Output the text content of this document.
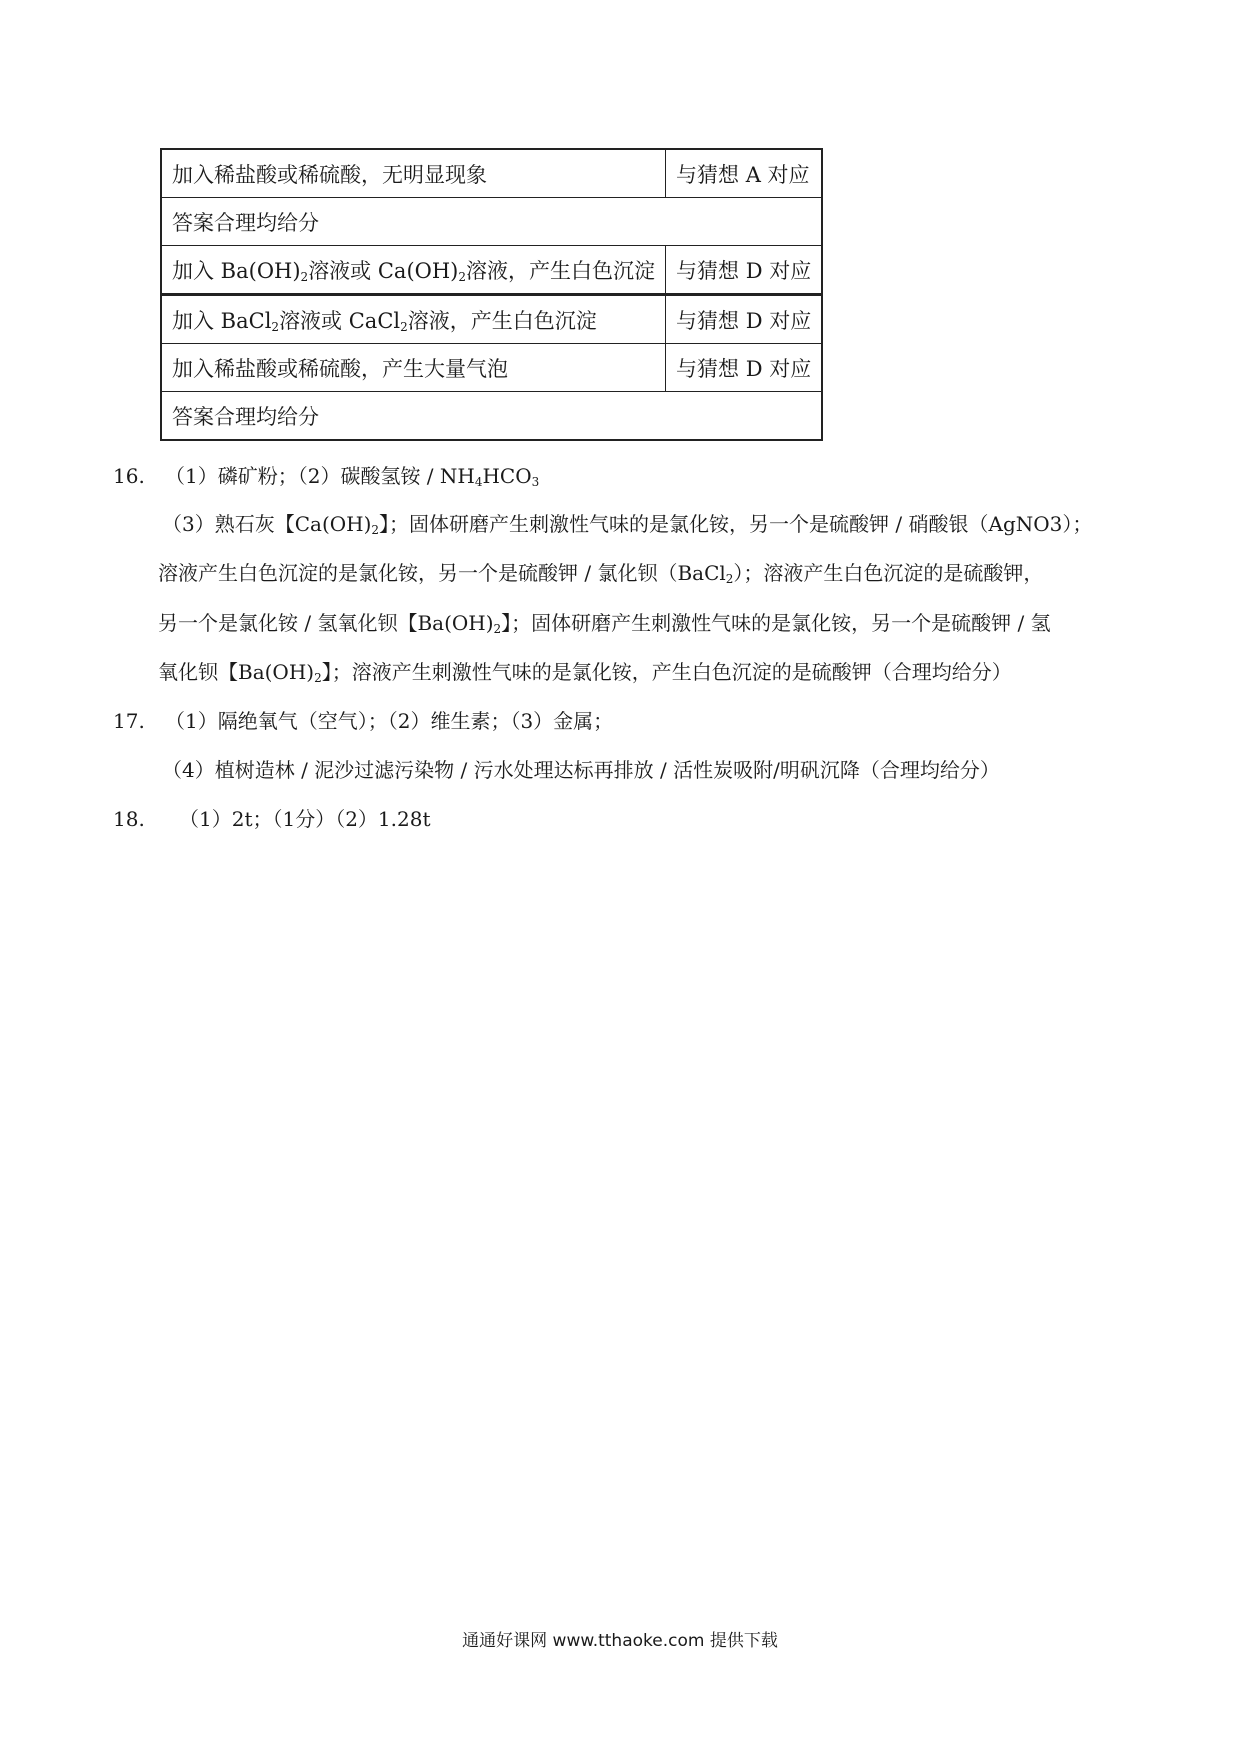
加入稀盐酸或稀硫酸，无明显现象	与猜想 A 对应
答案合理均给分	
加入 $Ba(OH)_2$溶液或 $Ca(OH)_2$溶液，产生白色沉淀	与猜想 D 对应
加入 BaCl$_2$溶液或 CaCl$_2$溶液，产生白色沉淀	与猜想 D 对应
加入稀盐酸或稀硫酸，产生大量气泡	与猜想 D 对应
答案合理均给分	
16. （1）磷矿粉；（2）碳酸氢铵 / $NH_4HCO_3$
（3）熟石灰【$Ca(OH)_2$】；固体研磨产生刺激性气味的是氯化铵，另一个是硫酸钾 / 硝酸银（AgNO3）；
溶液产生白色沉淀的是氯化铵，另一个是硫酸钾 / 氯化钡（BaCl$_2$）；溶液产生白色沉淀的是硫酸钾，
另一个是氯化铵 / 氢氧化钡【$Ba(OH)_2$】；固体研磨产生刺激性气味的是氯化铵，另一个是硫酸钾 / 氢
氧化钡【$Ba(OH)_2$】；溶液产生刺激性气味的是氯化铵，产生白色沉淀的是硫酸钾（合理均给分）
17. （1）隔绝氧气（空气）；（2）维生素；（3）金属；
（4）植树造林 / 泥沙过滤污染物 / 污水处理达标再排放 / 活性炭吸附/明矾沉降（合理均给分）
18. （1）2t；（1分）（2）1.28t
通通好课网 www.tthaoke.com 提供下载
